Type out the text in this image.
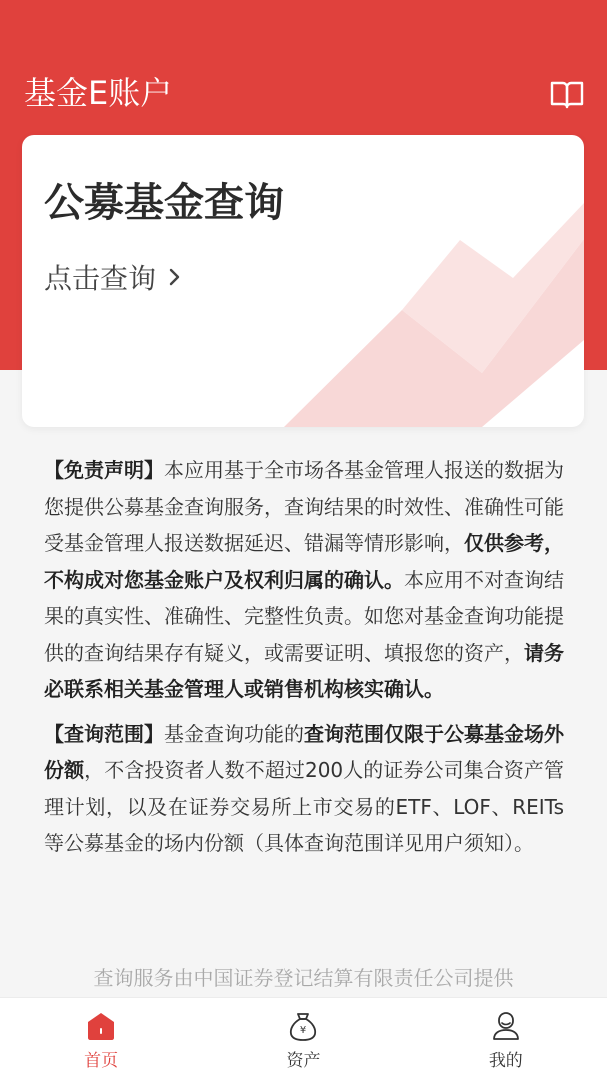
基金E账户
公募基金查询
点击查询

【免责声明】本应用基于全市场各基金管理人报送的数据为您提供公募基金查询服务，查询结果的时效性、准确性可能受基金管理人报送数据延迟、错漏等情形影响，仅供参考，不构成对您基金账户及权利归属的确认。本应用不对查询结果的真实性、准确性、完整性负责。如您对基金查询功能提供的查询结果存有疑义，或需要证明、填报您的资产，请务必联系相关基金管理人或销售机构核实确认。

【查询范围】基金查询功能的查询范围仅限于公募基金场外份额，不含投资者人数不超过200人的证券公司集合资产管理计划，以及在证券交易所上市交易的ETF、LOF、REITs等公募基金的场内份额（具体查询范围详见用户须知）。

查询服务由中国证券登记结算有限责任公司提供
首页
¥
资产	我的
